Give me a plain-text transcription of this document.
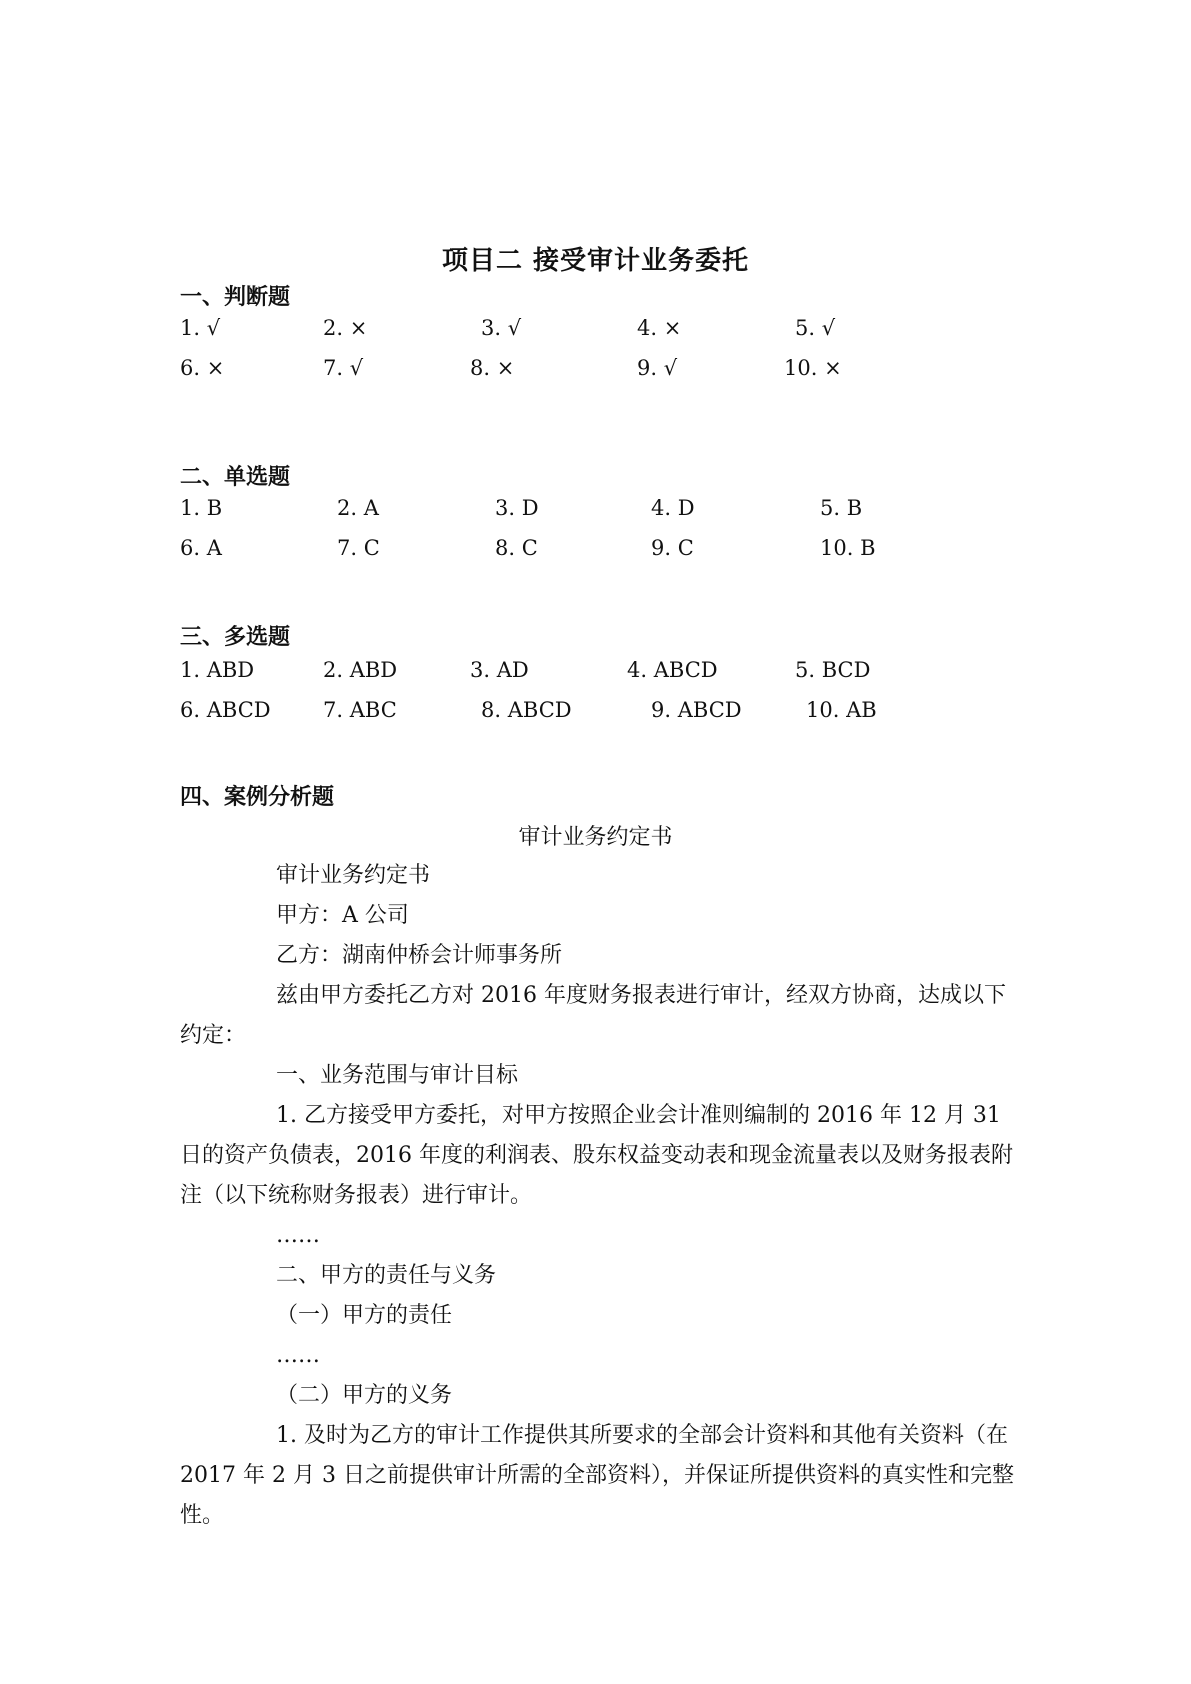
项目二 接受审计业务委托
一、判断题
1. √	2. ×	3. √	4. ×	5. √
6. ×	7. √	8. ×	9. √	10. ×
二、单选题
1. B	2. A	3. D	4. D	5. B
6. A	7. C	8. C	9. C	10. B
三、多选题
1. ABD	2. ABD	3. AD	4. ABCD	5. BCD
6. ABCD 7. ABC	8. ABCD	9. ABCD	10. AB
四、案例分析题
审计业务约定书
审计业务约定书
甲方：A 公司
乙方：湖南仲桥会计师事务所
兹由甲方委托乙方对 2016 年度财务报表进行审计，经双方协商，达成以下约定：
一、业务范围与审计目标
1. 乙方接受甲方委托，对甲方按照企业会计准则编制的 2016 年 12 月 31 日的资产负债表，2016 年度的利润表、股东权益变动表和现金流量表以及财务报表附注（以下统称财务报表）进行审计。
……
二、甲方的责任与义务
（一）甲方的责任
……
（二）甲方的义务
1. 及时为乙方的审计工作提供其所要求的全部会计资料和其他有关资料（在 2017 年 2 月 3 日之前提供审计所需的全部资料），并保证所提供资料的真实性和完整性。
